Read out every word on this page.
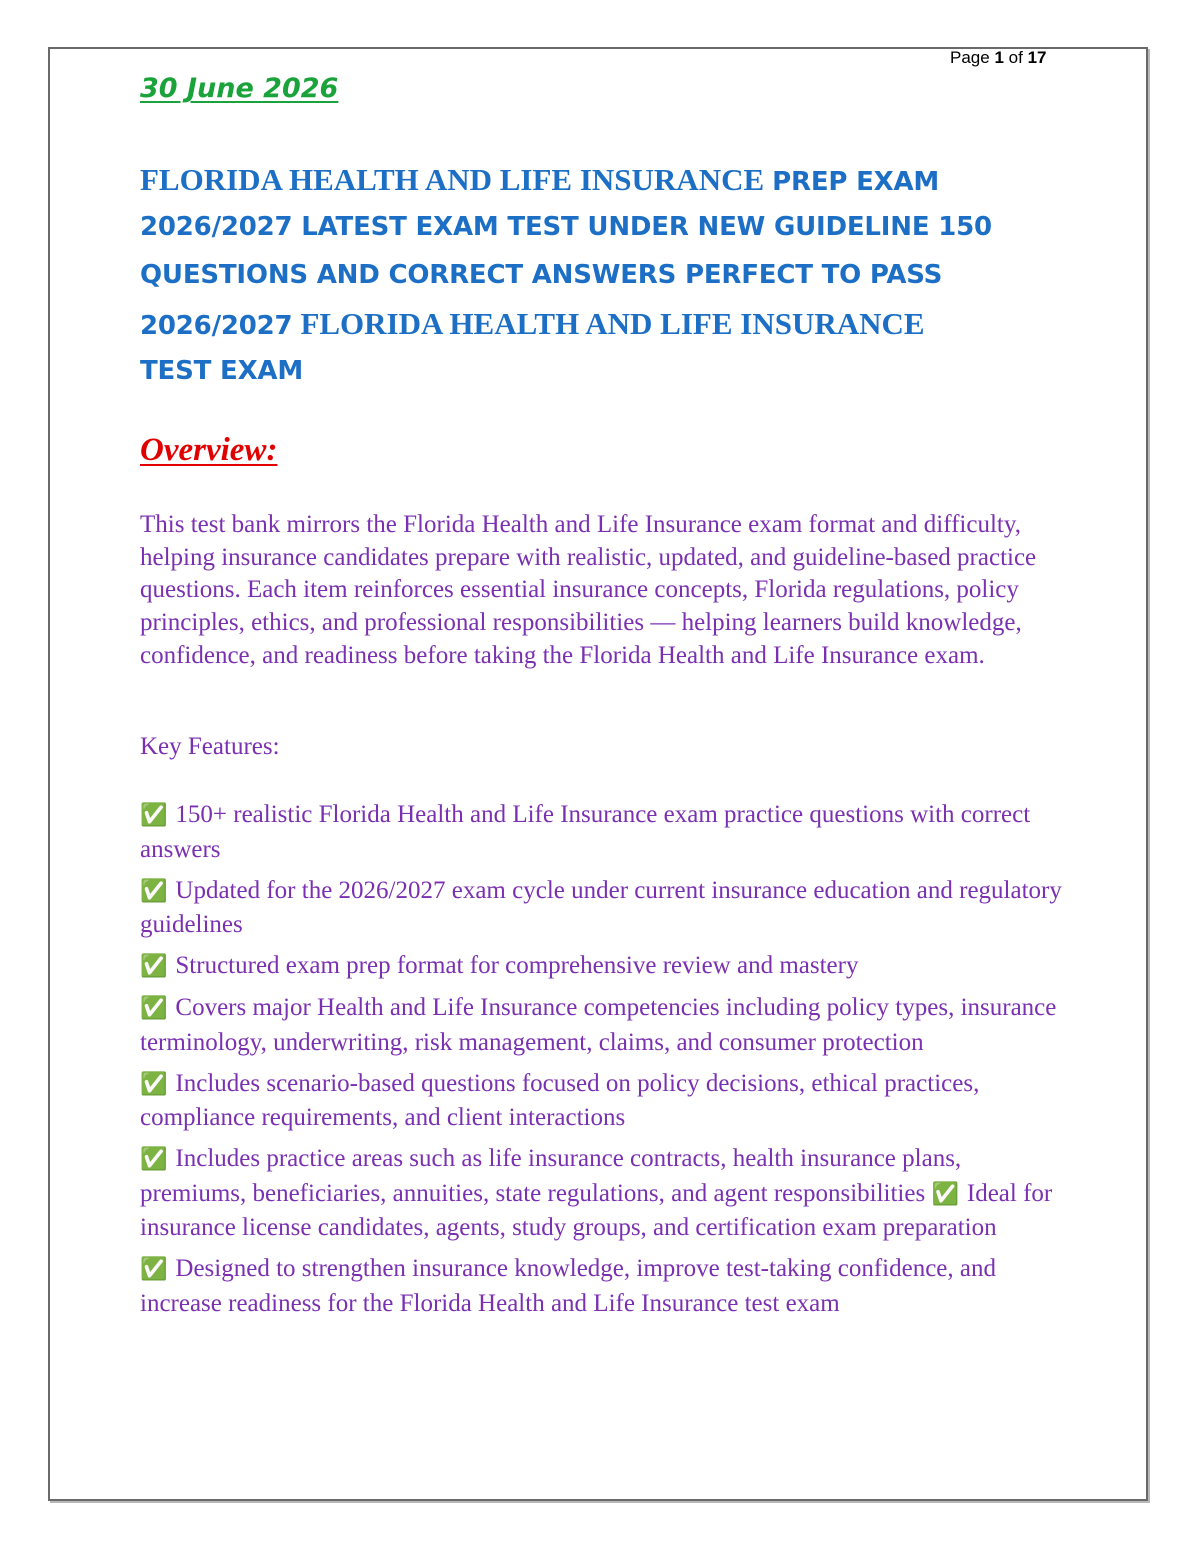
Page 1 of 17
30 June 2026
FLORIDA HEALTH AND LIFE INSURANCE PREP EXAM
2026/2027 LATEST EXAM TEST UNDER NEW GUIDELINE 150
QUESTIONS AND CORRECT ANSWERS PERFECT TO PASS
2026/2027 FLORIDA HEALTH AND LIFE INSURANCE
TEST EXAM
Overview:

This test bank mirrors the Florida Health and Life Insurance exam format and difficulty, helping insurance candidates prepare with realistic, updated, and guideline-based practice questions. Each item reinforces essential insurance concepts, Florida regulations, policy principles, ethics, and professional responsibilities — helping learners build knowledge, confidence, and readiness before taking the Florida Health and Life Insurance exam.

Key Features:

✅ 150+ realistic Florida Health and Life Insurance exam practice questions with correct answers
✅ Updated for the 2026/2027 exam cycle under current insurance education and regulatory guidelines
✅ Structured exam prep format for comprehensive review and mastery
✅ Covers major Health and Life Insurance competencies including policy types, insurance terminology, underwriting, risk management, claims, and consumer protection
✅ Includes scenario-based questions focused on policy decisions, ethical practices, compliance requirements, and client interactions
✅ Includes practice areas such as life insurance contracts, health insurance plans, premiums, beneficiaries, annuities, state regulations, and agent responsibilities ✅ Ideal for insurance license candidates, agents, study groups, and certification exam preparation
✅ Designed to strengthen insurance knowledge, improve test-taking confidence, and increase readiness for the Florida Health and Life Insurance test exam
